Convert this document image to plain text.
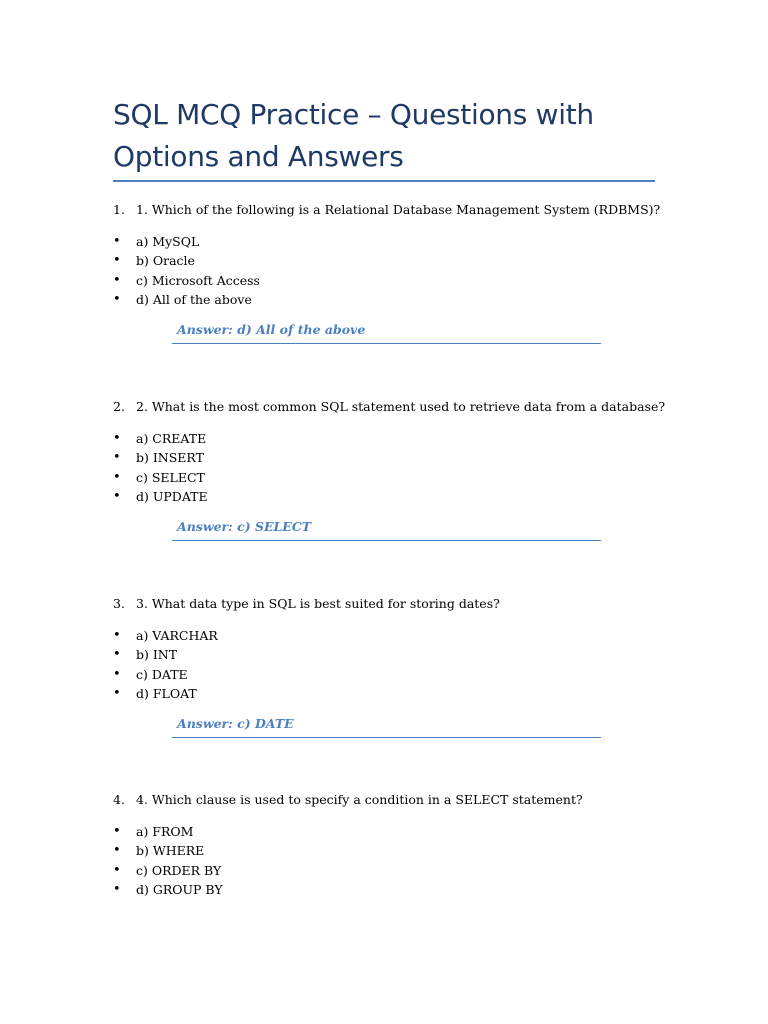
SQL MCQ Practice – Questions with Options and Answers
1. 1. Which of the following is a Relational Database Management System (RDBMS)?
• a) MySQL
• b) Oracle
• c) Microsoft Access
• d) All of the above
Answer: d) All of the above
2. 2. What is the most common SQL statement used to retrieve data from a database?
• a) CREATE
• b) INSERT
• c) SELECT
• d) UPDATE
Answer: c) SELECT
3. 3. What data type in SQL is best suited for storing dates?
• a) VARCHAR
• b) INT
• c) DATE
• d) FLOAT
Answer: c) DATE
4. 4. Which clause is used to specify a condition in a SELECT statement?
• a) FROM
• b) WHERE
• c) ORDER BY
• d) GROUP BY
